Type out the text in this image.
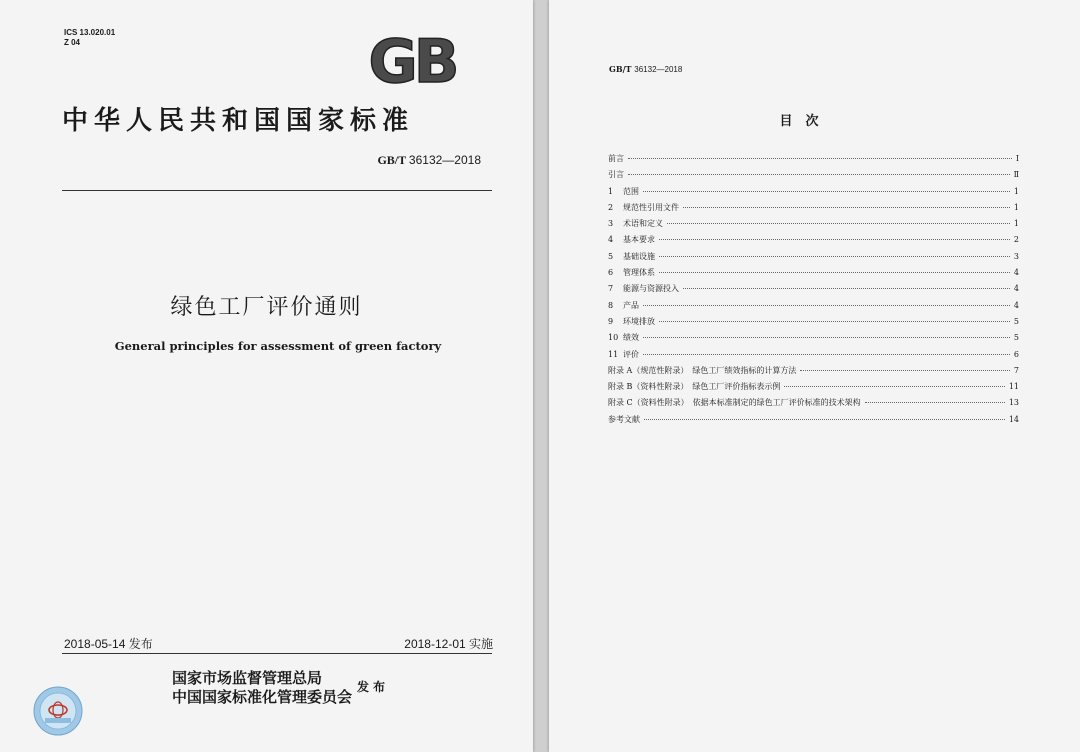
ICS 13.020.01
Z 04	GB
中华人民共和国国家标准
GB/T 36132—2018
绿色工厂评价通则
General principles for assessment of green factory
2018-05-14 发布	2018-12-01 实施
国家市场监督管理总局
中国国家标准化管理委员会
发布
GB/T 36132—2018
目　次
前言	Ⅰ
引言	Ⅱ
1	范围	1
2	规范性引用文件	1
3	术语和定义	1
4	基本要求	2
5	基础设施	3
6	管理体系	4
7	能源与资源投入	4
8	产品	4
9	环境排放	5
10 绩效	5
11 评价	6
附录 A（规范性附录）　绿色工厂绩效指标的计算方法	7
附录 B（资料性附录）　绿色工厂评价指标表示例	11
附录 C（资料性附录）　依据本标准制定的绿色工厂评价标准的技术架构	13
参考文献	14
